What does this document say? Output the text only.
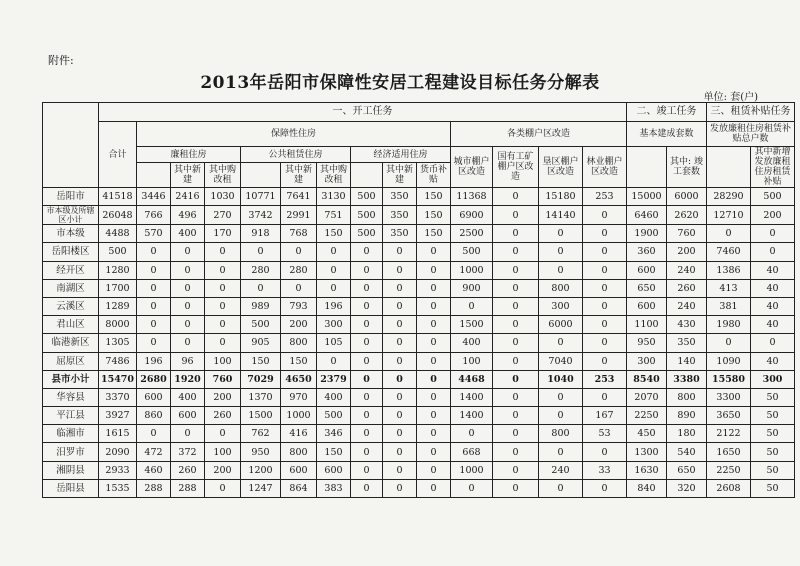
附件:
2013年岳阳市保障性安居工程建设目标任务分解表
单位: 套(户)
	一、开工任务														二、竣工任务		三、租赁补贴任务	
	合计	保障性住房									各类棚户区改造				基本建成套数		发放廉租住房租赁补贴总户数	
		廉租住房			公共租赁住房			经济适用住房			城市棚户区改造	国有工矿棚户区改造	垦区棚户区改造	林业棚户区改造		其中: 竣工套数		其中新增发放廉租住房租赁补贴
			其中新建	其中购改租		其中新建	其中购改租		其中新建	货币补贴								
岳阳市	41518	3446	2416	1030	10771	7641	3130	500	350	150	11368	0	15180	253	15000	6000	28290	500
市本级及所辖区小计	26048	766	496	270	3742	2991	751	500	350	150	6900	0	14140	0	6460	2620	12710	200
市本级	4488	570	400	170	918	768	150	500	350	150	2500	0	0	0	1900	760	0	0
岳阳楼区	500	0	0	0	0	0	0	0	0	0	500	0	0	0	360	200	7460	0
经开区	1280	0	0	0	280	280	0	0	0	0	1000	0	0	0	600	240	1386	40
南湖区	1700	0	0	0	0	0	0	0	0	0	900	0	800	0	650	260	413	40
云溪区	1289	0	0	0	989	793	196	0	0	0	0	0	300	0	600	240	381	40
君山区	8000	0	0	0	500	200	300	0	0	0	1500	0	6000	0	1100	430	1980	40
临港新区	1305	0	0	0	905	800	105	0	0	0	400	0	0	0	950	350	0	0
屈原区	7486	196	96	100	150	150	0	0	0	0	100	0	7040	0	300	140	1090	40
县市小计	15470	2680	1920	760	7029	4650	2379	0	0	0	4468	0	1040	253	8540	3380	15580	300
华容县	3370	600	400	200	1370	970	400	0	0	0	1400	0	0	0	2070	800	3300	50
平江县	3927	860	600	260	1500	1000	500	0	0	0	1400	0	0	167	2250	890	3650	50
临湘市	1615	0	0	0	762	416	346	0	0	0	0	0	800	53	450	180	2122	50
汨罗市	2090	472	372	100	950	800	150	0	0	0	668	0	0	0	1300	540	1650	50
湘阴县	2933	460	260	200	1200	600	600	0	0	0	1000	0	240	33	1630	650	2250	50
岳阳县	1535	288	288	0	1247	864	383	0	0	0	0	0	0	0	840	320	2608	50
